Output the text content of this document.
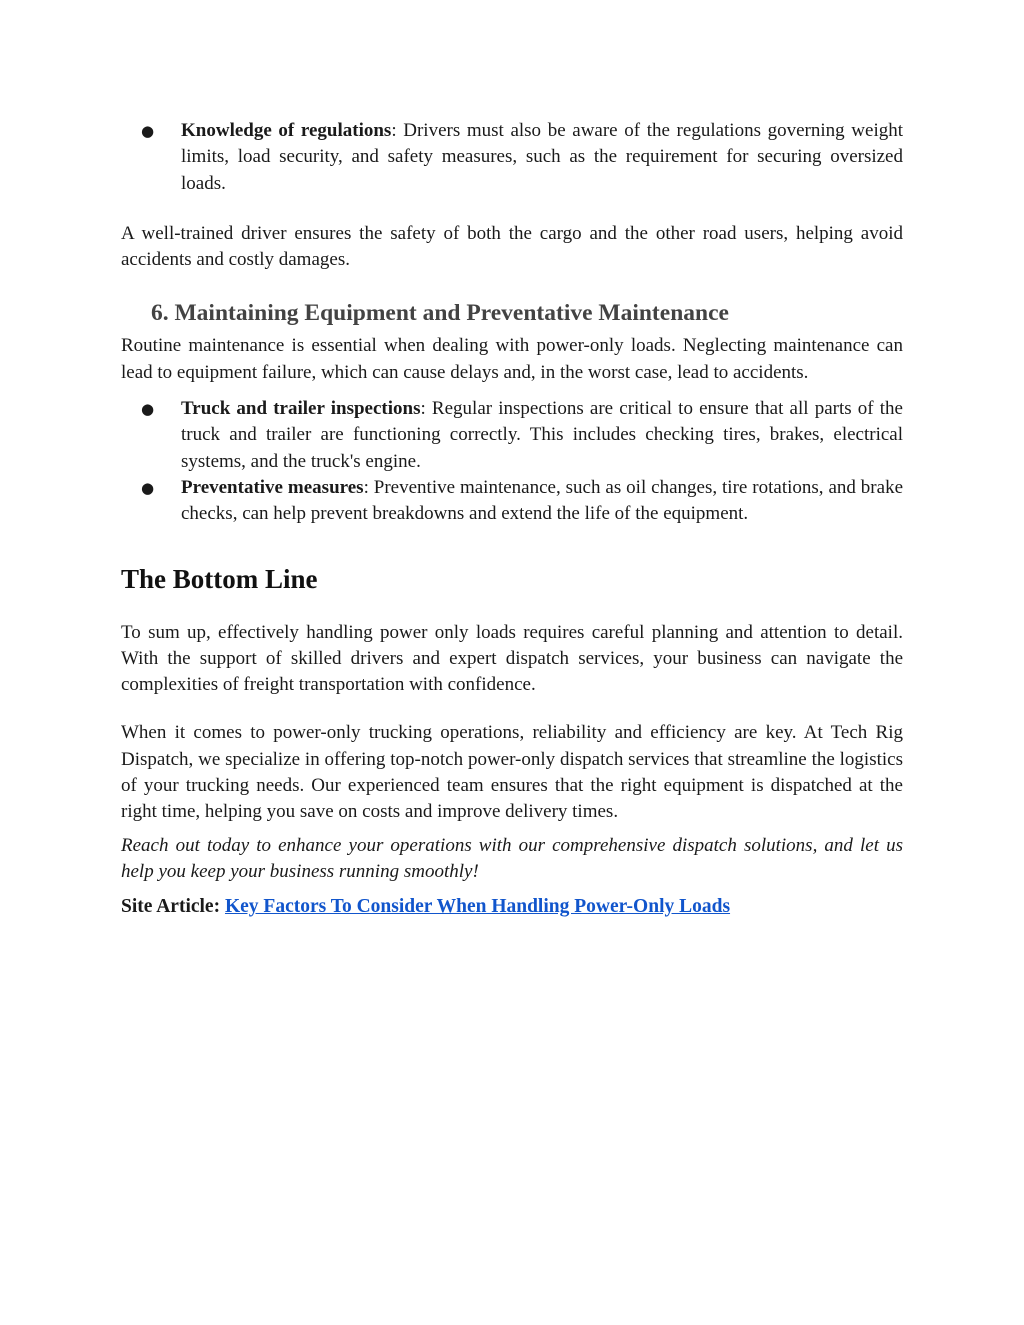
● Knowledge of regulations: Drivers must also be aware of the regulations governing weight limits, load security, and safety measures, such as the requirement for securing oversized loads.

A well-trained driver ensures the safety of both the cargo and the other road users, helping avoid accidents and costly damages.

6. Maintaining Equipment and Preventative Maintenance

Routine maintenance is essential when dealing with power-only loads. Neglecting maintenance can lead to equipment failure, which can cause delays and, in the worst case, lead to accidents.

● Truck and trailer inspections: Regular inspections are critical to ensure that all parts of the truck and trailer are functioning correctly. This includes checking tires, brakes, electrical systems, and the truck's engine.
● Preventative measures: Preventive maintenance, such as oil changes, tire rotations, and brake checks, can help prevent breakdowns and extend the life of the equipment.
The Bottom Line

To sum up, effectively handling power only loads requires careful planning and attention to detail. With the support of skilled drivers and expert dispatch services, your business can navigate the complexities of freight transportation with confidence.

When it comes to power-only trucking operations, reliability and efficiency are key. At Tech Rig Dispatch, we specialize in offering top-notch power-only dispatch services that streamline the logistics of your trucking needs. Our experienced team ensures that the right equipment is dispatched at the right time, helping you save on costs and improve delivery times.

Reach out today to enhance your operations with our comprehensive dispatch solutions, and let us help you keep your business running smoothly!

Site Article: Key Factors To Consider When Handling Power-Only Loads
